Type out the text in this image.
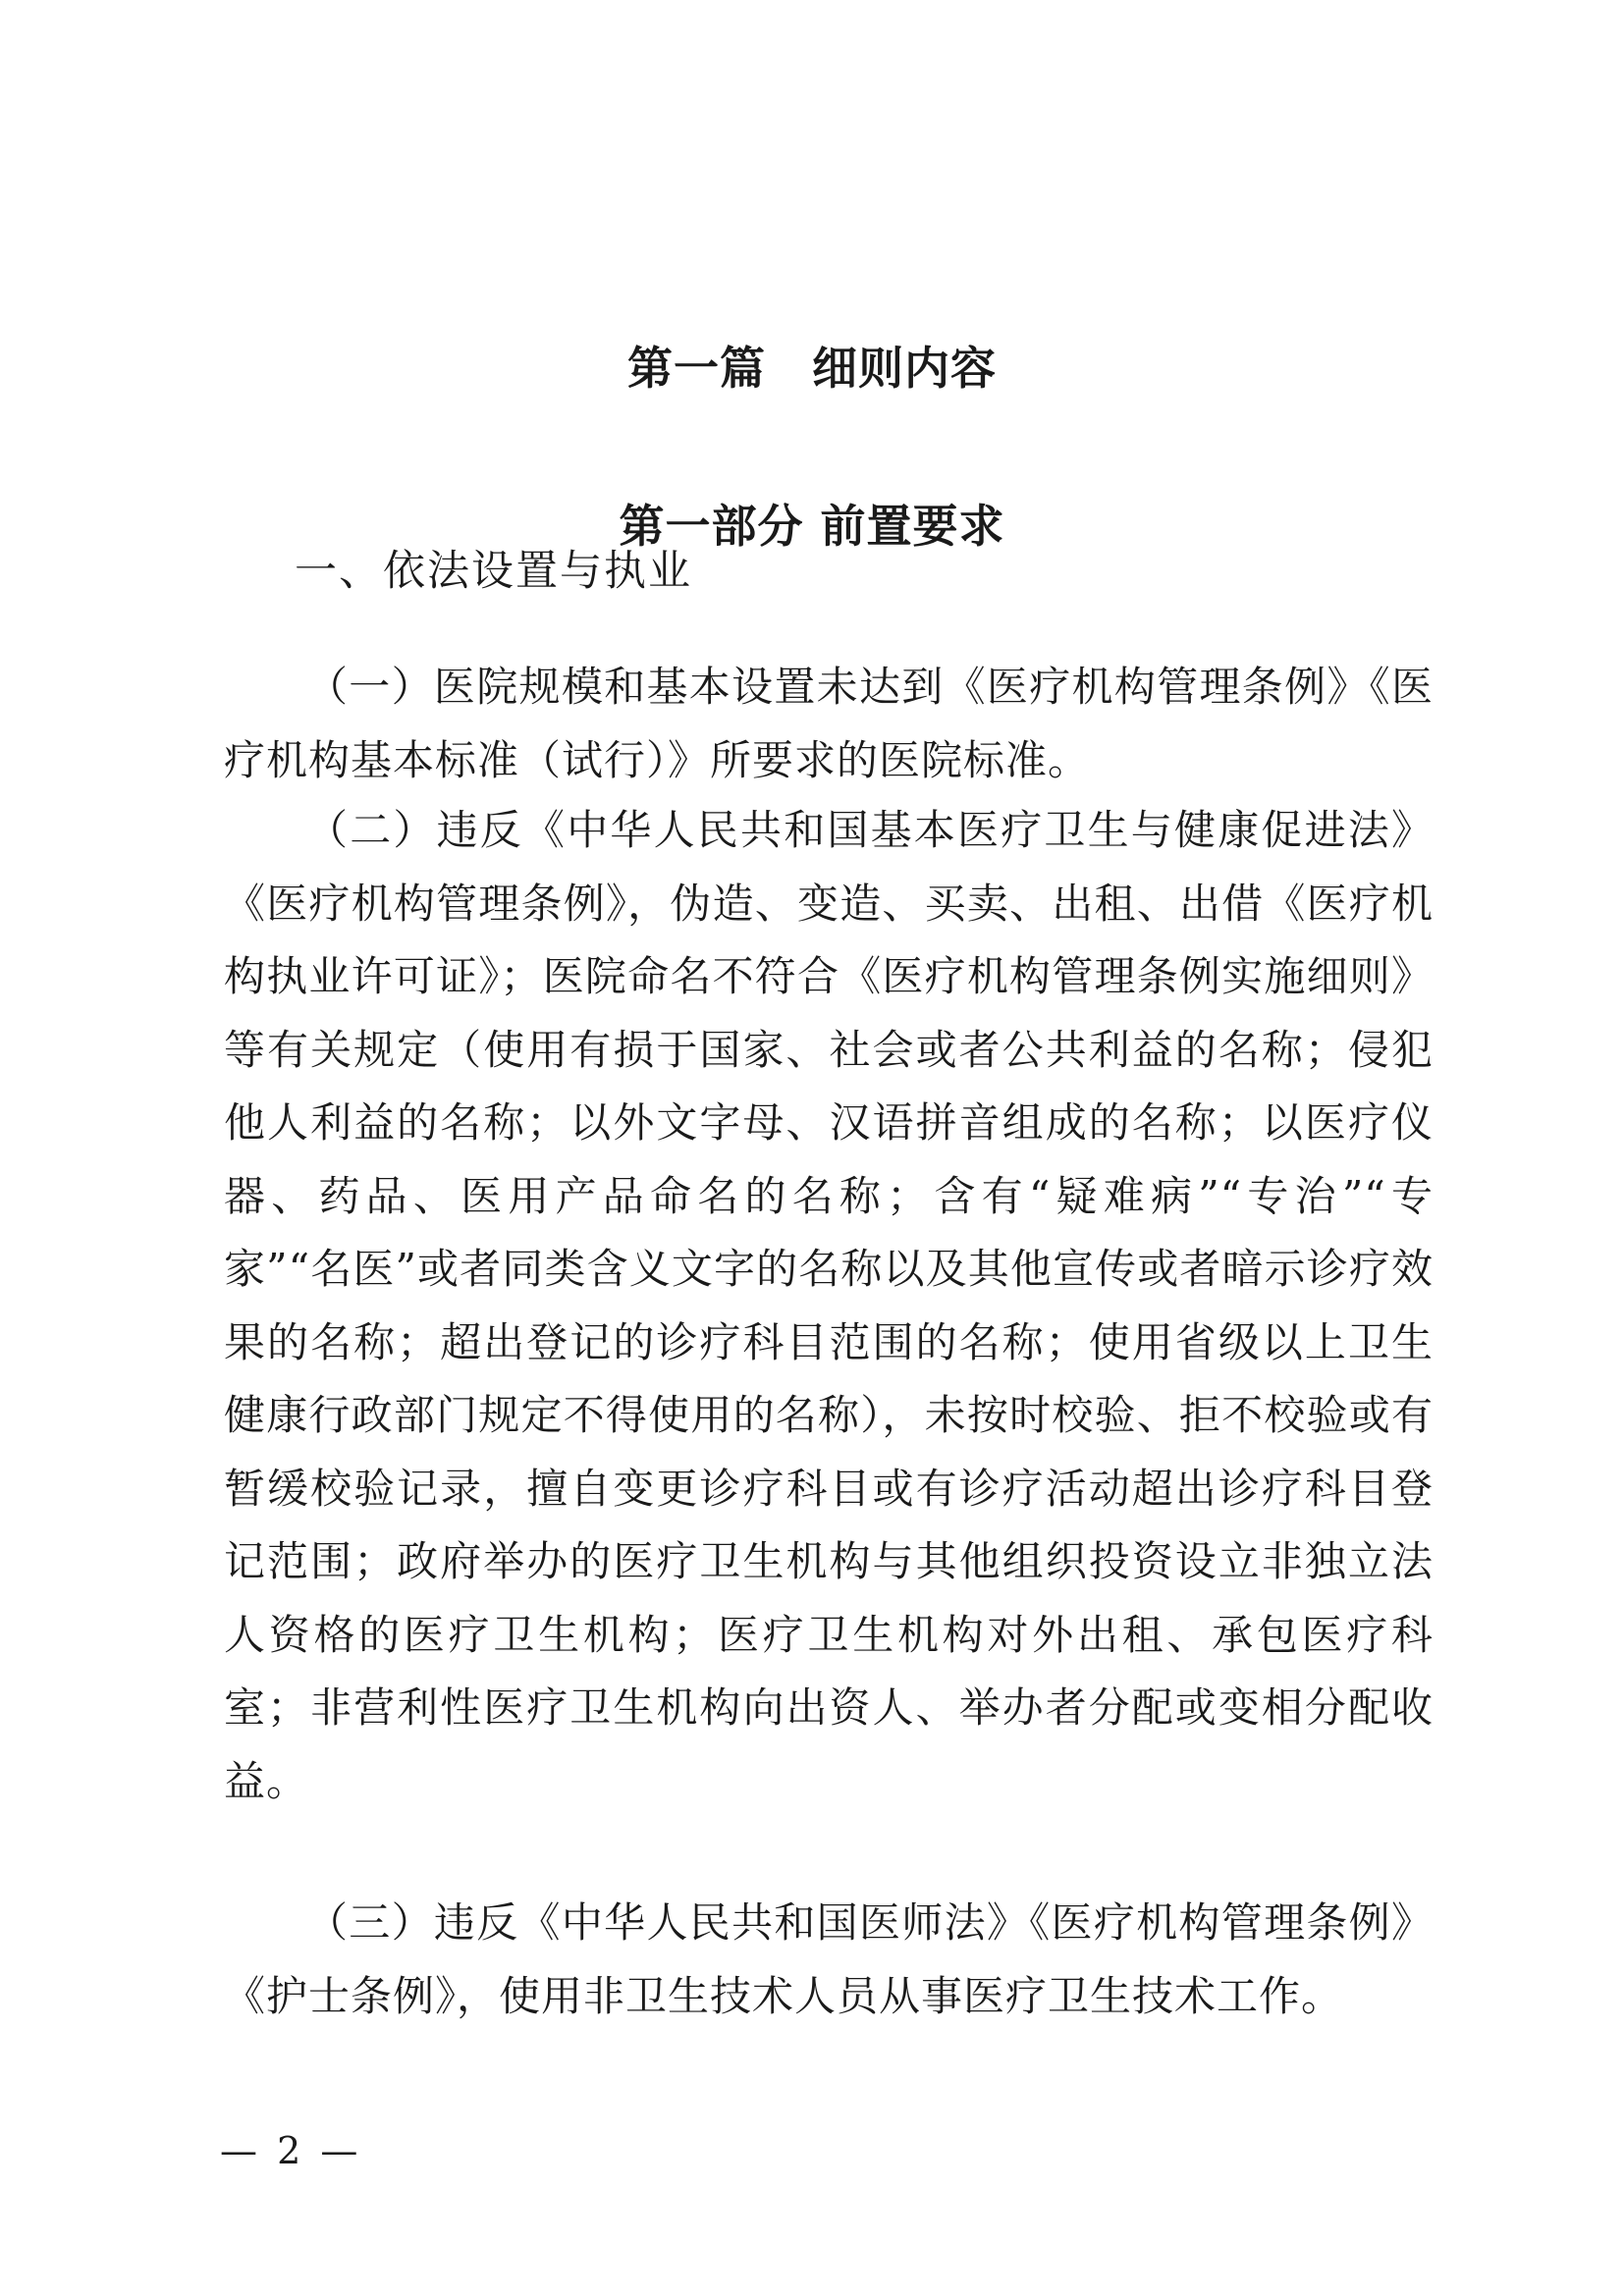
第一篇　细则内容
第一部分 前置要求
一、依法设置与执业

（一）医院规模和基本设置未达到《医疗机构管理条例》《医疗机构基本标准（试行）》所要求的医院标准。

（二）违反《中华人民共和国基本医疗卫生与健康促进法》《医疗机构管理条例》，伪造、变造、买卖、出租、出借《医疗机构执业许可证》；医院命名不符合《医疗机构管理条例实施细则》等有关规定（使用有损于国家、社会或者公共利益的名称；侵犯他人利益的名称；以外文字母、汉语拼音组成的名称；以医疗仪器、药品、医用产品命名的名称；含有“疑难病”“专治”“专家”“名医”或者同类含义文字的名称以及其他宣传或者暗示诊疗效果的名称；超出登记的诊疗科目范围的名称；使用省级以上卫生健康行政部门规定不得使用的名称），未按时校验、拒不校验或有暂缓校验记录，擅自变更诊疗科目或有诊疗活动超出诊疗科目登记范围；政府举办的医疗卫生机构与其他组织投资设立非独立法人资格的医疗卫生机构；医疗卫生机构对外出租、承包医疗科室；非营利性医疗卫生机构向出资人、举办者分配或变相分配收益。

（三）违反《中华人民共和国医师法》《医疗机构管理条例》《护士条例》，使用非卫生技术人员从事医疗卫生技术工作。

— 2 —
